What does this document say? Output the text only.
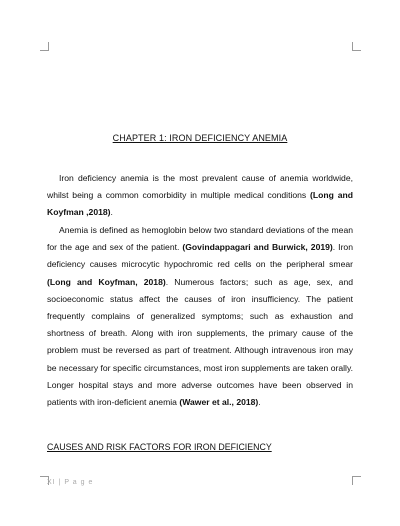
CHAPTER 1: IRON DEFICIENCY ANEMIA

Iron deficiency anemia is the most prevalent cause of anemia worldwide, whilst being a common comorbidity in multiple medical conditions (Long and Koyfman ,2018).

Anemia is defined as hemoglobin below two standard deviations of the mean for the age and sex of the patient. (Govindappagari and Burwick, 2019). Iron deficiency causes microcytic hypochromic red cells on the peripheral smear (Long and Koyfman, 2018). Numerous factors; such as age, sex, and socioeconomic status affect the causes of iron insufficiency. The patient frequently complains of generalized symptoms; such as exhaustion and shortness of breath. Along with iron supplements, the primary cause of the problem must be reversed as part of treatment. Although intravenous iron may be necessary for specific circumstances, most iron supplements are taken orally. Longer hospital stays and more adverse outcomes have been observed in patients with iron-deficient anemia (Wawer et al., 2018).

CAUSES AND RISK FACTORS FOR IRON DEFICIENCY
XI | P a g e
